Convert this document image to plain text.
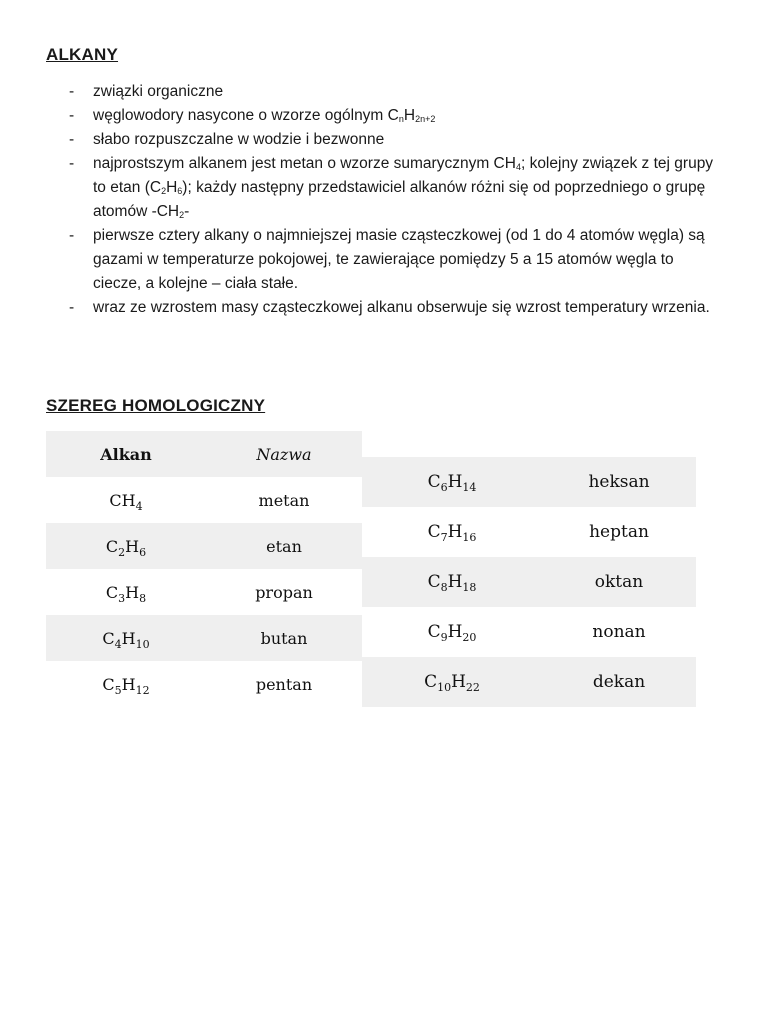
ALKANY
- związki organiczne
- węglowodory nasycone o wzorze ogólnym $C_nH_{2n+2}$
- słabo rozpuszczalne w wodzie i bezwonne
- najprostszym alkanem jest metan o wzorze sumarycznym $CH_4$; kolejny związek z tej grupy to etan $(C_2H_6)$; każdy następny przedstawiciel alkanów różni się od poprzedniego o grupę atomów $-CH_2-$
- pierwsze cztery alkany o najmniejszej masie cząsteczkowej (od 1 do 4 atomów węgla) są gazami w temperaturze pokojowej, te zawierające pomiędzy 5 a 15 atomów węgla to ciecze, a kolejne – ciała stałe.
- wraz ze wzrostem masy cząsteczkowej alkanu obserwuje się wzrost temperatury wrzenia.
SZEREG HOMOLOGICZNY
Alkan	Nazwa
$CH_4$	metan
$C_2H_6$	etan
$C_3H_8$	propan
$C_4H_{10}$	butan
$C_5H_{12}$	pentan
$C_6H_{14}$	heksan
$C_7H_{16}$	heptan
$C_8H_{18}$	oktan
$C_9H_{20}$	nonan
$C_{10}H_{22}$	dekan
